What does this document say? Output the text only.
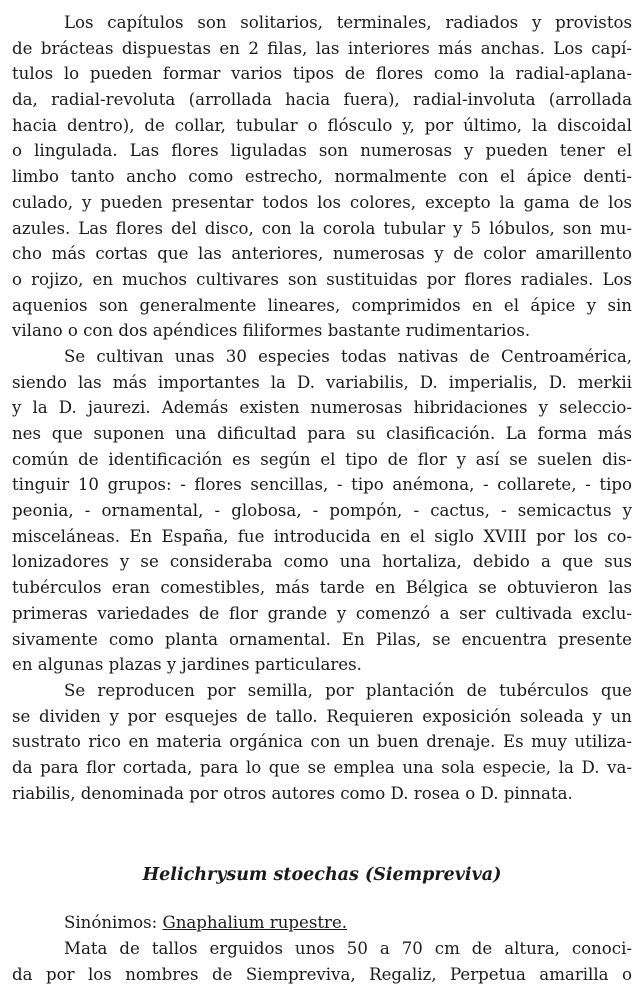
Los capítulos son solitarios, terminales, radiados y provistos
de brácteas dispuestas en 2 filas, las interiores más anchas. Los capí-
tulos lo pueden formar varios tipos de flores como la radial-aplana-
da, radial-revoluta (arrollada hacia fuera), radial-involuta (arrollada
hacia dentro), de collar, tubular o flósculo y, por último, la discoidal
o lingulada. Las flores liguladas son numerosas y pueden tener el
limbo tanto ancho como estrecho, normalmente con el ápice denti-
culado, y pueden presentar todos los colores, excepto la gama de los
azules. Las flores del disco, con la corola tubular y 5 lóbulos, son mu-
cho más cortas que las anteriores, numerosas y de color amarillento
o rojizo, en muchos cultivares son sustituidas por flores radiales. Los
aquenios son generalmente lineares, comprimidos en el ápice y sin
vilano o con dos apéndices filiformes bastante rudimentarios.
Se cultivan unas 30 especies todas nativas de Centroamérica,
siendo las más importantes la D. variabilis, D. imperialis, D. merkii
y la D. jaurezi. Además existen numerosas hibridaciones y seleccio-
nes que suponen una dificultad para su clasificación. La forma más
común de identificación es según el tipo de flor y así se suelen dis-
tinguir 10 grupos: - flores sencillas, - tipo anémona, - collarete, - tipo
peonia, - ornamental, - globosa, - pompón, - cactus, - semicactus y
misceláneas. En España, fue introducida en el siglo XVIII por los co-
lonizadores y se consideraba como una hortaliza, debido a que sus
tubérculos eran comestibles, más tarde en Bélgica se obtuvieron las
primeras variedades de flor grande y comenzó a ser cultivada exclu-
sivamente como planta ornamental. En Pilas, se encuentra presente
en algunas plazas y jardines particulares.
Se reproducen por semilla, por plantación de tubérculos que
se dividen y por esquejes de tallo. Requieren exposición soleada y un
sustrato rico en materia orgánica con un buen drenaje. Es muy utiliza-
da para flor cortada, para lo que se emplea una sola especie, la D. va-
riabilis, denominada por otros autores como D. rosea o D. pinnata.
Helichrysum stoechas (Siempreviva)
Sinónimos: Gnaphalium rupestre.
Mata de tallos erguidos unos 50 a 70 cm de altura, conoci-
da por los nombres de Siempreviva, Regaliz, Perpetua amarilla o
